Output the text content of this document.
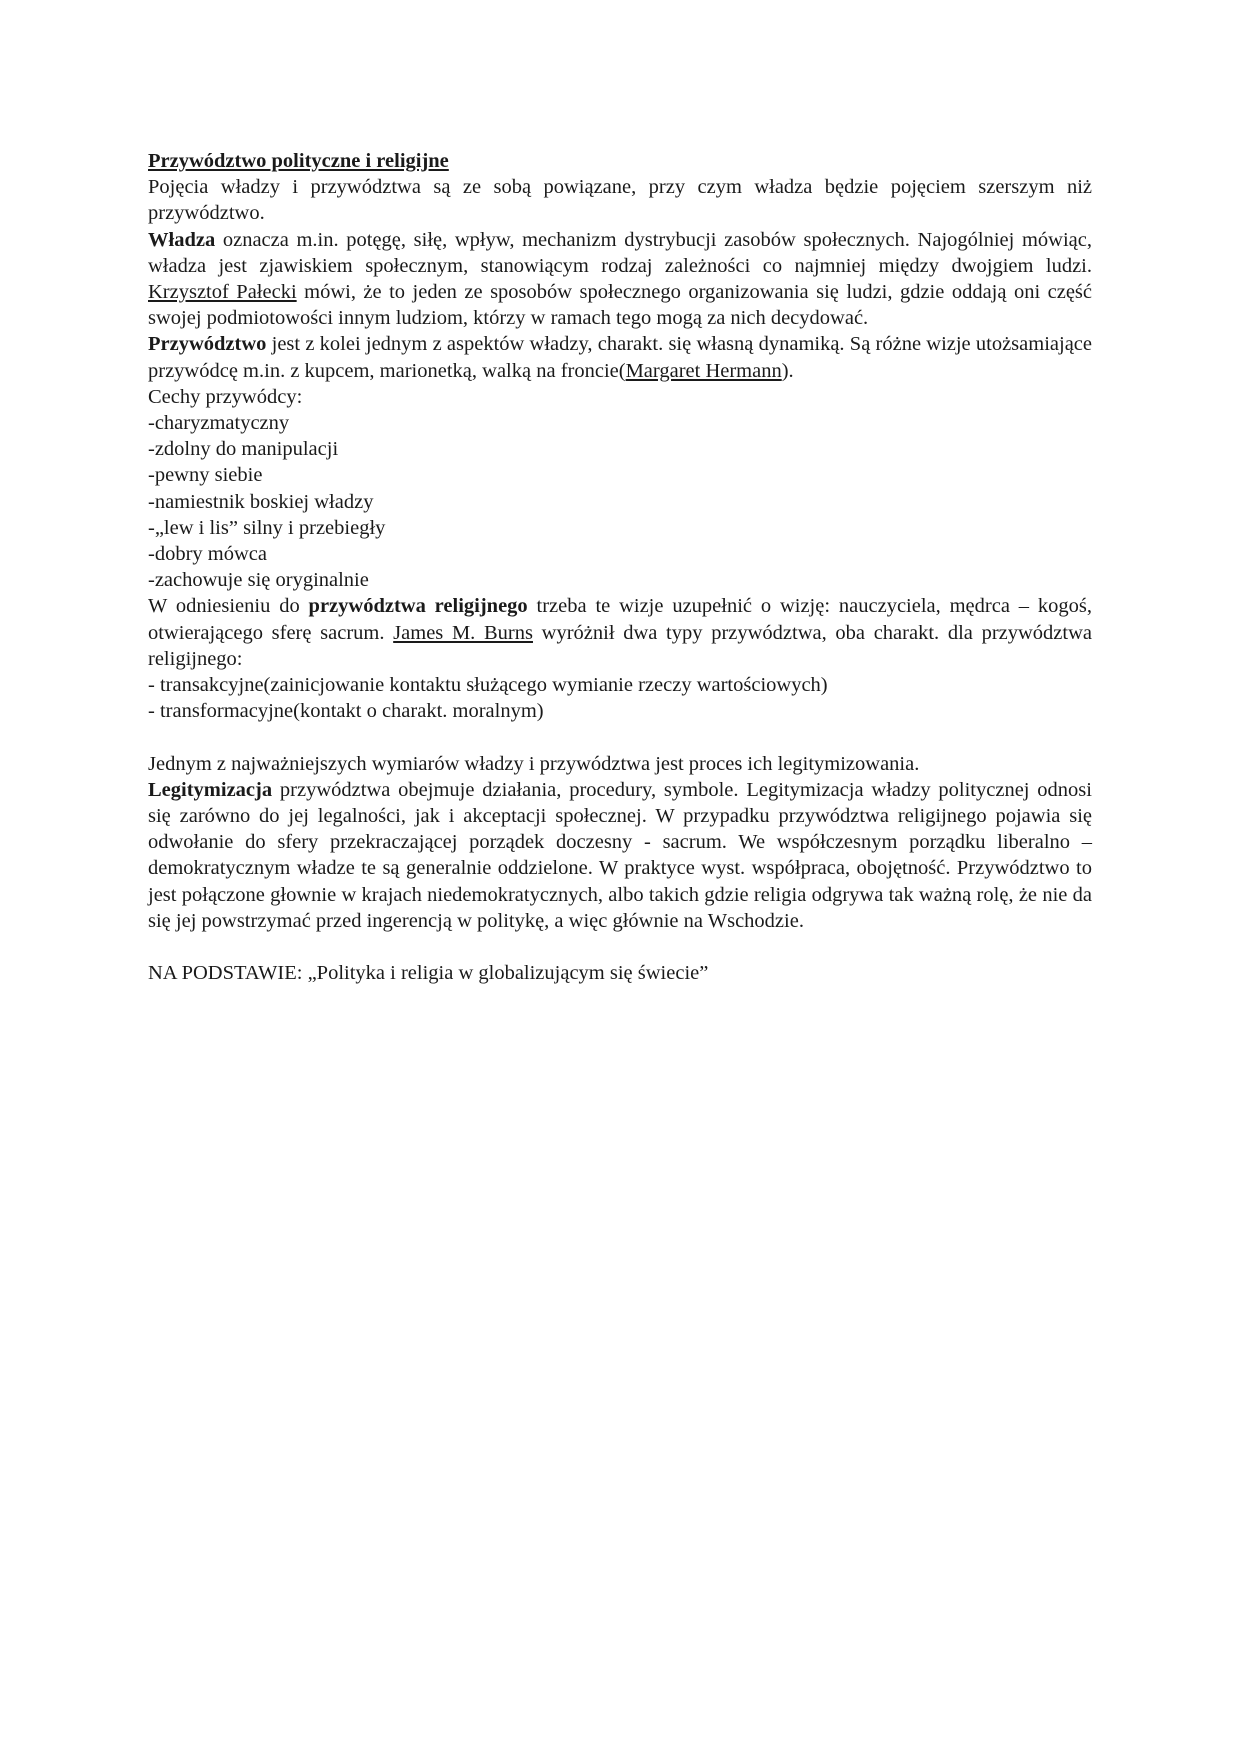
Przywództwo polityczne i religijne
Pojęcia władzy i przywództwa są ze sobą powiązane, przy czym władza będzie pojęciem szerszym niż przywództwo.
Władza oznacza m.in. potęgę, siłę, wpływ, mechanizm dystrybucji zasobów społecznych. Najogólniej mówiąc, władza jest zjawiskiem społecznym, stanowiącym rodzaj zależności co najmniej między dwojgiem ludzi. Krzysztof Pałecki mówi, że to jeden ze sposobów społecznego organizowania się ludzi, gdzie oddają oni część swojej podmiotowości innym ludziom, którzy w ramach tego mogą za nich decydować.
Przywództwo jest z kolei jednym z aspektów władzy, charakt. się własną dynamiką. Są różne wizje utożsamiające przywódcę m.in. z kupcem, marionetką, walką na froncie(Margaret Hermann).
Cechy przywódcy:
-charyzmatyczny
-zdolny do manipulacji
-pewny siebie
-namiestnik boskiej władzy
-„lew i lis” silny i przebiegły
-dobry mówca
-zachowuje się oryginalnie
W odniesieniu do przywództwa religijnego trzeba te wizje uzupełnić o wizję: nauczyciela, mędrca – kogoś, otwierającego sferę sacrum. James M. Burns wyróżnił dwa typy przywództwa, oba charakt. dla przywództwa religijnego:
- transakcyjne(zainicjowanie kontaktu służącego wymianie rzeczy wartościowych)
- transformacyjne(kontakt o charakt. moralnym)
Jednym z najważniejszych wymiarów władzy i przywództwa jest proces ich legitymizowania.
Legitymizacja przywództwa obejmuje działania, procedury, symbole. Legitymizacja władzy politycznej odnosi się zarówno do jej legalności, jak i akceptacji społecznej. W przypadku przywództwa religijnego pojawia się odwołanie do sfery przekraczającej porządek doczesny - sacrum. We współczesnym porządku liberalno – demokratycznym władze te są generalnie oddzielone. W praktyce wyst. współpraca, obojętność. Przywództwo to jest połączone głownie w krajach niedemokratycznych, albo takich gdzie religia odgrywa tak ważną rolę, że nie da się jej powstrzymać przed ingerencją w politykę, a więc głównie na Wschodzie.
NA PODSTAWIE: „Polityka i religia w globalizującym się świecie”
